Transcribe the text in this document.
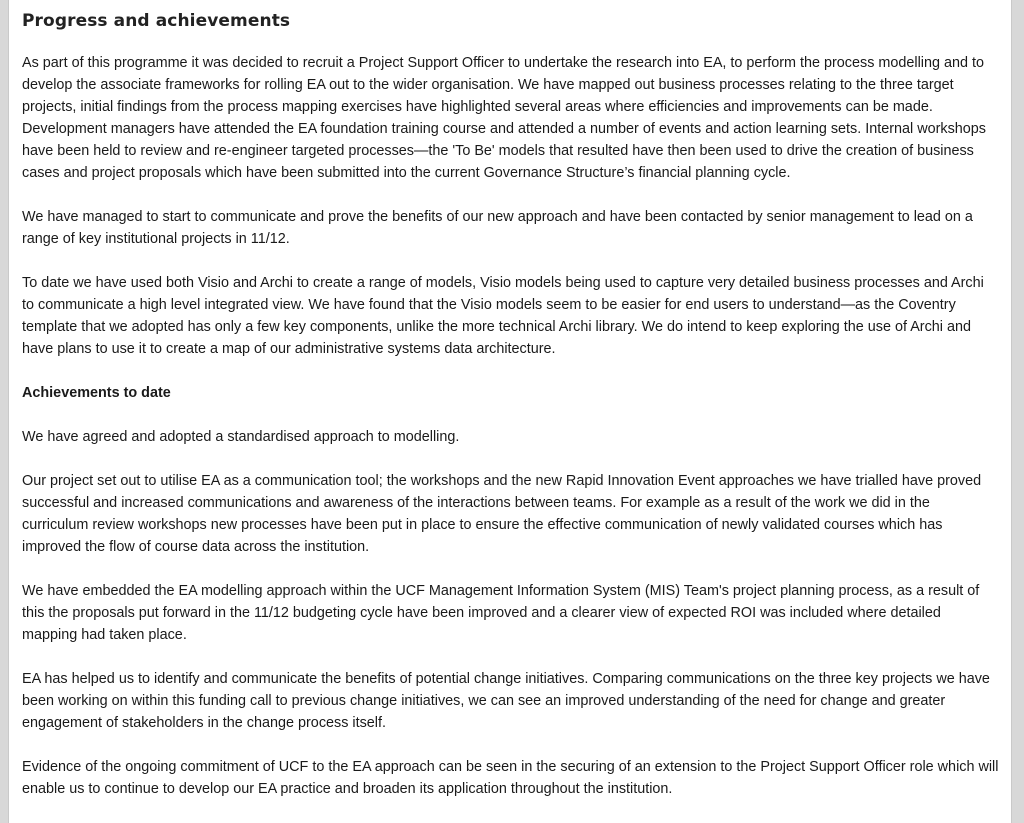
Progress and achievements

As part of this programme it was decided to recruit a Project Support Officer to undertake the research into EA, to perform the process modelling and to develop the associate frameworks for rolling EA out to the wider organisation. We have mapped out business processes relating to the three target projects, initial findings from the process mapping exercises have highlighted several areas where efficiencies and improvements can be made. Development managers have attended the EA foundation training course and attended a number of events and action learning sets. Internal workshops have been held to review and re-engineer targeted processes—the 'To Be' models that resulted have then been used to drive the creation of business cases and project proposals which have been submitted into the current Governance Structure’s financial planning cycle.

We have managed to start to communicate and prove the benefits of our new approach and have been contacted by senior management to lead on a range of key institutional projects in 11/12.

To date we have used both Visio and Archi to create a range of models, Visio models being used to capture very detailed business processes and Archi to communicate a high level integrated view. We have found that the Visio models seem to be easier for end users to understand—as the Coventry template that we adopted has only a few key components, unlike the more technical Archi library. We do intend to keep exploring the use of Archi and have plans to use it to create a map of our administrative systems data architecture.

Achievements to date

We have agreed and adopted a standardised approach to modelling.

Our project set out to utilise EA as a communication tool; the workshops and the new Rapid Innovation Event approaches we have trialled have proved successful and increased communications and awareness of the interactions between teams. For example as a result of the work we did in the curriculum review workshops new processes have been put in place to ensure the effective communication of newly validated courses which has improved the flow of course data across the institution.

We have embedded the EA modelling approach within the UCF Management Information System (MIS) Team's project planning process, as a result of this the proposals put forward in the 11/12 budgeting cycle have been improved and a clearer view of expected ROI was included where detailed mapping had taken place.

EA has helped us to identify and communicate the benefits of potential change initiatives. Comparing communications on the three key projects we have been working on within this funding call to previous change initiatives, we can see an improved understanding of the need for change and greater engagement of stakeholders in the change process itself.

Evidence of the ongoing commitment of UCF to the EA approach can be seen in the securing of an extension to the Project Support Officer role which will enable us to continue to develop our EA practice and broaden its application throughout the institution.
